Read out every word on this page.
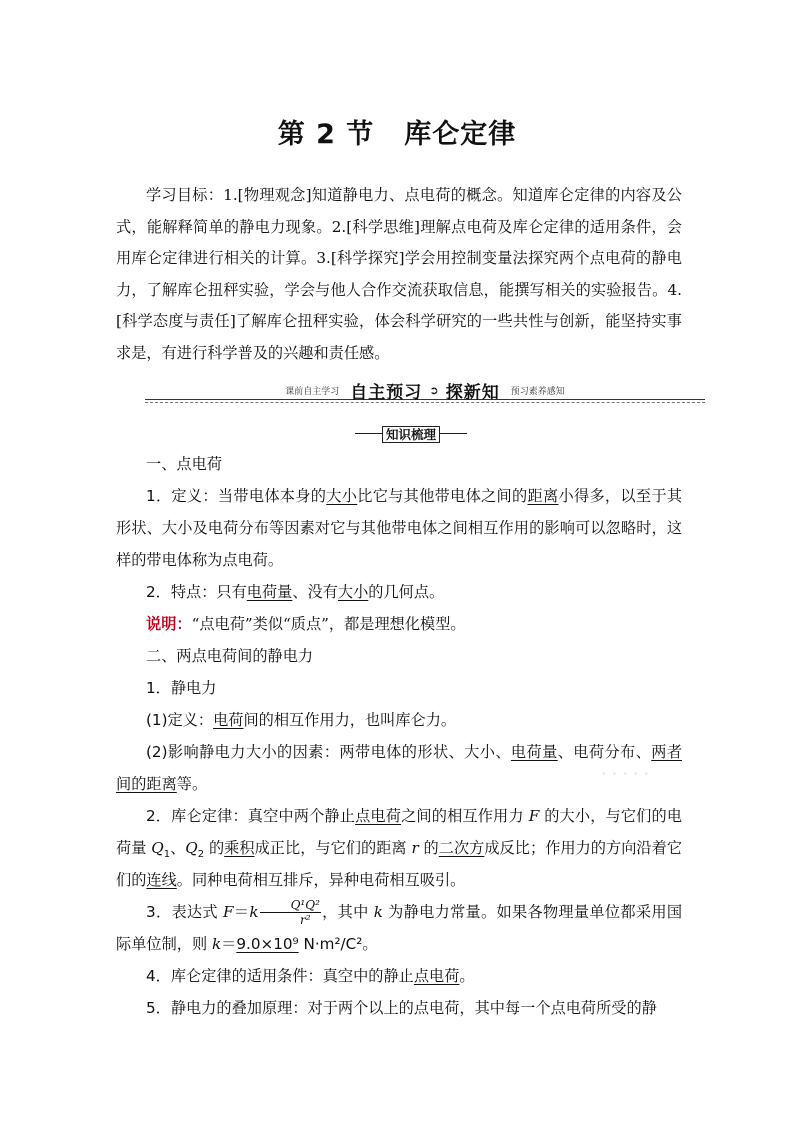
第 2 节 库仑定律

学习目标：1.[物理观念]知道静电力、点电荷的概念。知道库仑定律的内容及公式，能解释简单的静电力现象。2.[科学思维]理解点电荷及库仑定律的适用条件，会用库仑定律进行相关的计算。3.[科学探究]学会用控制变量法探究两个点电荷的静电力，了解库仑扭秤实验，学会与他人合作交流获取信息，能撰写相关的实验报告。4.[科学态度与责任]了解库仑扭秤实验，体会科学研究的一些共性与创新，能坚持实事求是，有进行科学普及的兴趣和责任感。

课前自主学习 自主预习 ➲ 探新知 预习素养感知
知识梳理

一、点电荷

1．定义：当带电体本身的大小比它与其他带电体之间的距离小得多，以至于其形状、大小及电荷分布等因素对它与其他带电体之间相互作用的影响可以忽略时，这样的带电体称为点电荷。

2．特点：只有电荷量、没有大小的几何点。

说明：“点电荷”类似“质点”，都是理想化模型。

二、两点电荷间的静电力

1．静电力

(1)定义：电荷间的相互作用力，也叫库仑力。

(2)影响静电力大小的因素：两带电体的形状、大小、电荷量、电荷分布、两者间的距离等。

2．库仑定律：真空中两个静止点电荷之间的相互作用力 F 的大小，与它们的电荷量 $Q_1$、$Q_2$ 的乘积成正比，与它们的距离 r 的二次方成反比；作用力的方向沿着它们的连线。同种电荷相互排斥，异种电荷相互吸引。

3．表达式 $F=k \frac{\text{Q¹Q²}}{\text{r²}}$ ，其中 k 为静电力常量。如果各物理量单位都采用国际单位制，则 k＝9.0×10⁹ N·m²/C²。

4．库仑定律的适用条件：真空中的静止点电荷。

5．静电力的叠加原理：对于两个以上的点电荷，其中每一个点电荷所受的静

·····
